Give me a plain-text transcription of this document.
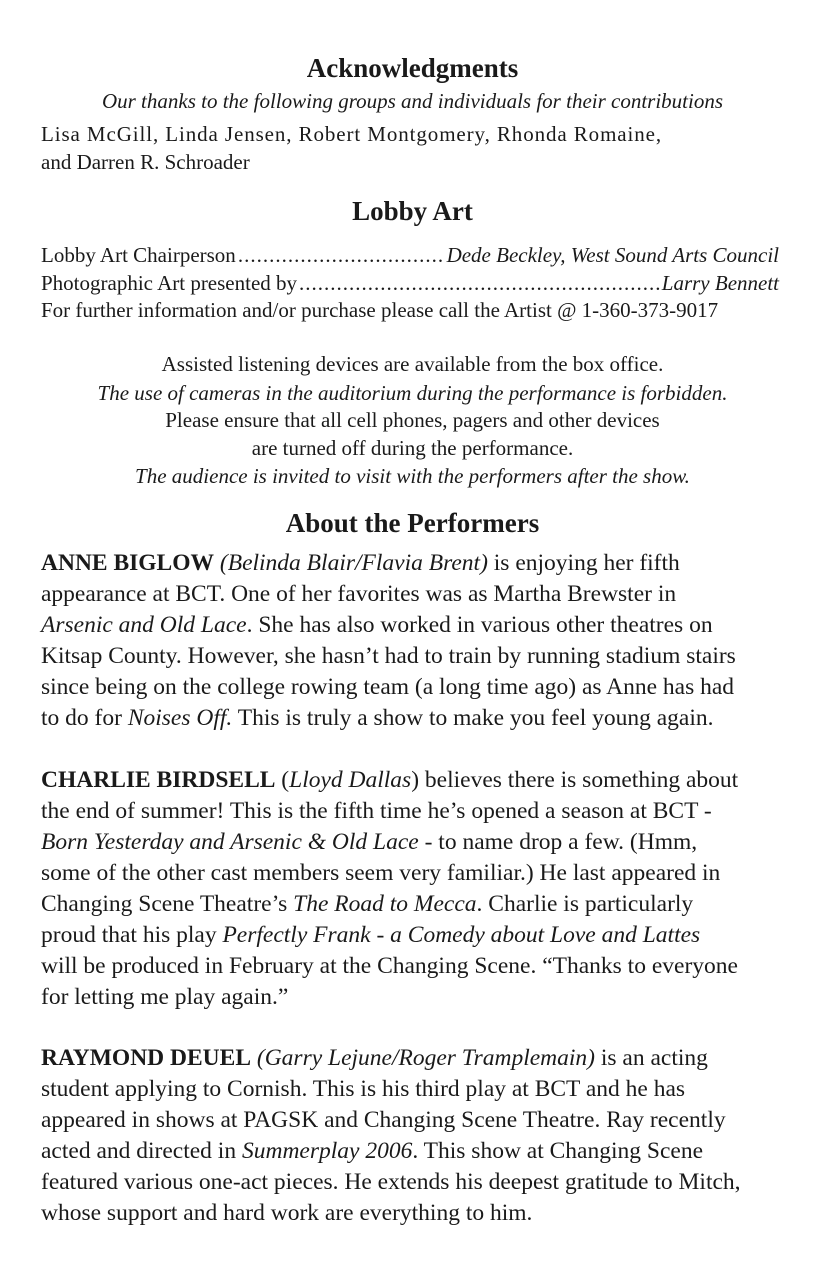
Acknowledgments
Our thanks to the following groups and individuals for their contributions
Lisa McGill, Linda Jensen, Robert Montgomery, Rhonda Romaine,
and Darren R. Schroader
Lobby Art
Lobby Art Chairperson .....	Dede Beckley, West Sound Arts Council
Photographic Art presented by .....	Larry Bennett
For further information and/or purchase please call the Artist @ 1-360-373-9017
Assisted listening devices are available from the box office.
The use of cameras in the auditorium during the performance is forbidden.
Please ensure that all cell phones, pagers and other devices
are turned off during the performance.
The audience is invited to visit with the performers after the show.
About the Performers
ANNE BIGLOW (Belinda Blair/Flavia Brent) is enjoying her fifth
appearance at BCT. One of her favorites was as Martha Brewster in
Arsenic and Old Lace. She has also worked in various other theatres on
Kitsap County. However, she hasn’t had to train by running stadium stairs
since being on the college rowing team (a long time ago) as Anne has had
to do for Noises Off. This is truly a show to make you feel young again.
CHARLIE BIRDSELL (Lloyd Dallas) believes there is something about
the end of summer! This is the fifth time he’s opened a season at BCT -
Born Yesterday and Arsenic & Old Lace - to name drop a few. (Hmm,
some of the other cast members seem very familiar.) He last appeared in
Changing Scene Theatre’s The Road to Mecca. Charlie is particularly
proud that his play Perfectly Frank - a Comedy about Love and Lattes
will be produced in February at the Changing Scene. “Thanks to everyone
for letting me play again.”
RAYMOND DEUEL (Garry Lejune/Roger Tramplemain) is an acting
student applying to Cornish. This is his third play at BCT and he has
appeared in shows at PAGSK and Changing Scene Theatre. Ray recently
acted and directed in Summerplay 2006. This show at Changing Scene
featured various one-act pieces. He extends his deepest gratitude to Mitch,
whose support and hard work are everything to him.
